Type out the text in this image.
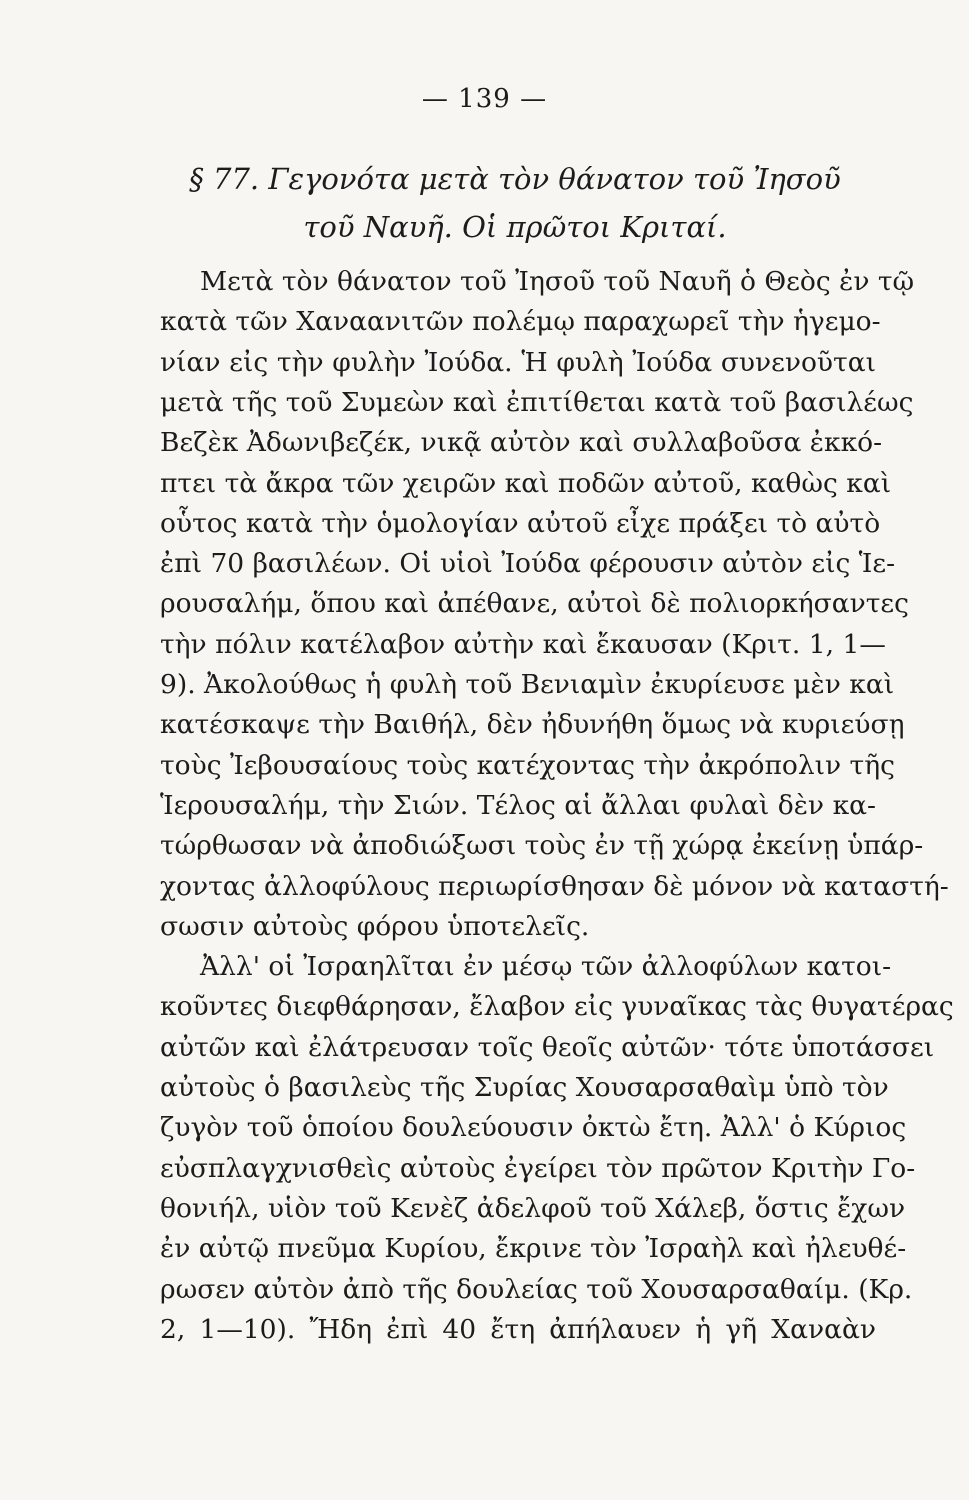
— 139 —
§ 77. Γεγονότα μετὰ τὸν θάνατον τοῦ Ἰησοῦ
τοῦ Ναυῆ. Οἱ πρῶτοι Κριταί.
Μετὰ τὸν θάνατον τοῦ Ἰησοῦ τοῦ Ναυῆ ὁ Θεὸς ἐν τῷ
κατὰ τῶν Χαναανιτῶν πολέμῳ παραχωρεῖ τὴν ἡγεμο-
νίαν εἰς τὴν φυλὴν Ἰούδα. Ἡ φυλὴ Ἰούδα συνενοῦται
μετὰ τῆς τοῦ Συμεὼν καὶ ἐπιτίθεται κατὰ τοῦ βασιλέως
Βεζὲκ Ἀδωνιβεζέκ, νικᾷ αὐτὸν καὶ συλλαβοῦσα ἐκκό-
πτει τὰ ἄκρα τῶν χειρῶν καὶ ποδῶν αὐτοῦ, καθὼς καὶ
οὗτος κατὰ τὴν ὁμολογίαν αὐτοῦ εἶχε πράξει τὸ αὐτὸ
ἐπὶ 70 βασιλέων. Οἱ υἱοὶ Ἰούδα φέρουσιν αὐτὸν εἰς Ἱε-
ρουσαλήμ, ὅπου καὶ ἀπέθανε, αὐτοὶ δὲ πολιορκήσαντες
τὴν πόλιν κατέλαβον αὐτὴν καὶ ἔκαυσαν (Κριτ. 1, 1—
9). Ἀκολούθως ἡ φυλὴ τοῦ Βενιαμὶν ἐκυρίευσε μὲν καὶ
κατέσκαψε τὴν Βαιθήλ, δὲν ἠδυνήθη ὅμως νὰ κυριεύσῃ
τοὺς Ἰεβουσαίους τοὺς κατέχοντας τὴν ἀκρόπολιν τῆς
Ἱερουσαλήμ, τὴν Σιών. Τέλος αἱ ἄλλαι φυλαὶ δὲν κα-
τώρθωσαν νὰ ἀποδιώξωσι τοὺς ἐν τῇ χώρᾳ ἐκείνῃ ὑπάρ-
χοντας ἀλλοφύλους περιωρίσθησαν δὲ μόνον νὰ καταστή-
σωσιν αὐτοὺς φόρου ὑποτελεῖς.
Ἀλλ' οἱ Ἰσραηλῖται ἐν μέσῳ τῶν ἀλλοφύλων κατοι-
κοῦντες διεφθάρησαν, ἔλαβον εἰς γυναῖκας τὰς θυγατέρας
αὐτῶν καὶ ἐλάτρευσαν τοῖς θεοῖς αὐτῶν· τότε ὑποτάσσει
αὐτοὺς ὁ βασιλεὺς τῆς Συρίας Χουσαρσαθαὶμ ὑπὸ τὸν
ζυγὸν τοῦ ὁποίου δουλεύουσιν ὀκτὼ ἔτη. Ἀλλ' ὁ Κύριος
εὐσπλαγχνισθεὶς αὐτοὺς ἐγείρει τὸν πρῶτον Κριτὴν Γο-
θονιήλ, υἱὸν τοῦ Κενὲζ ἀδελφοῦ τοῦ Χάλεβ, ὅστις ἔχων
ἐν αὐτῷ πνεῦμα Κυρίου, ἔκρινε τὸν Ἰσραὴλ καὶ ἠλευθέ-
ρωσεν αὐτὸν ἀπὸ τῆς δουλείας τοῦ Χουσαρσαθαίμ. (Κρ.
2, 1—10). Ἤδη ἐπὶ 40 ἔτη ἀπήλαυεν ἡ γῆ Χαναὰν
